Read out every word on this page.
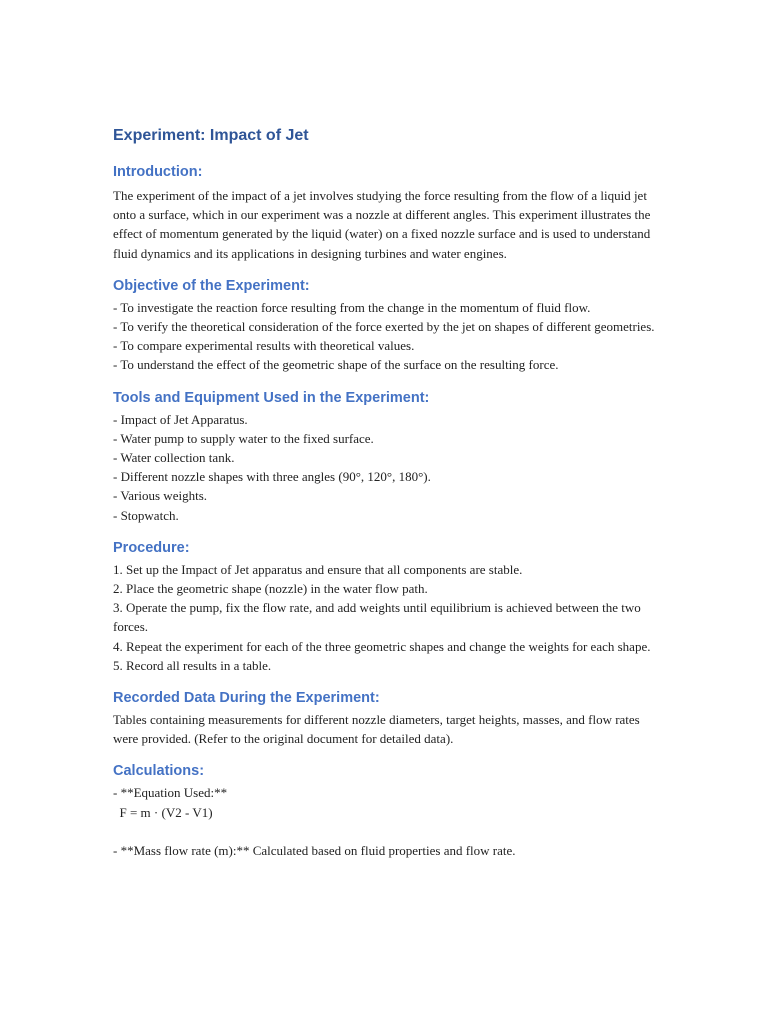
Experiment: Impact of Jet
Introduction:

The experiment of the impact of a jet involves studying the force resulting from the flow of a liquid jet onto a surface, which in our experiment was a nozzle at different angles. This experiment illustrates the effect of momentum generated by the liquid (water) on a fixed nozzle surface and is used to understand fluid dynamics and its applications in designing turbines and water engines.

Objective of the Experiment:

- To investigate the reaction force resulting from the change in the momentum of fluid flow.

- To verify the theoretical consideration of the force exerted by the jet on shapes of different geometries.

- To compare experimental results with theoretical values.

- To understand the effect of the geometric shape of the surface on the resulting force.

Tools and Equipment Used in the Experiment:

- Impact of Jet Apparatus.

- Water pump to supply water to the fixed surface.

- Water collection tank.

- Different nozzle shapes with three angles (90°, 120°, 180°).

- Various weights.

- Stopwatch.

Procedure:

1. Set up the Impact of Jet apparatus and ensure that all components are stable.

2. Place the geometric shape (nozzle) in the water flow path.

3. Operate the pump, fix the flow rate, and add weights until equilibrium is achieved between the two forces.

4. Repeat the experiment for each of the three geometric shapes and change the weights for each shape.

5. Record all results in a table.

Recorded Data During the Experiment:

Tables containing measurements for different nozzle diameters, target heights, masses, and flow rates were provided. (Refer to the original document for detailed data).

Calculations:

- **Equation Used:**

F = m · (V2 - V1)

- **Mass flow rate (m):** Calculated based on fluid properties and flow rate.
